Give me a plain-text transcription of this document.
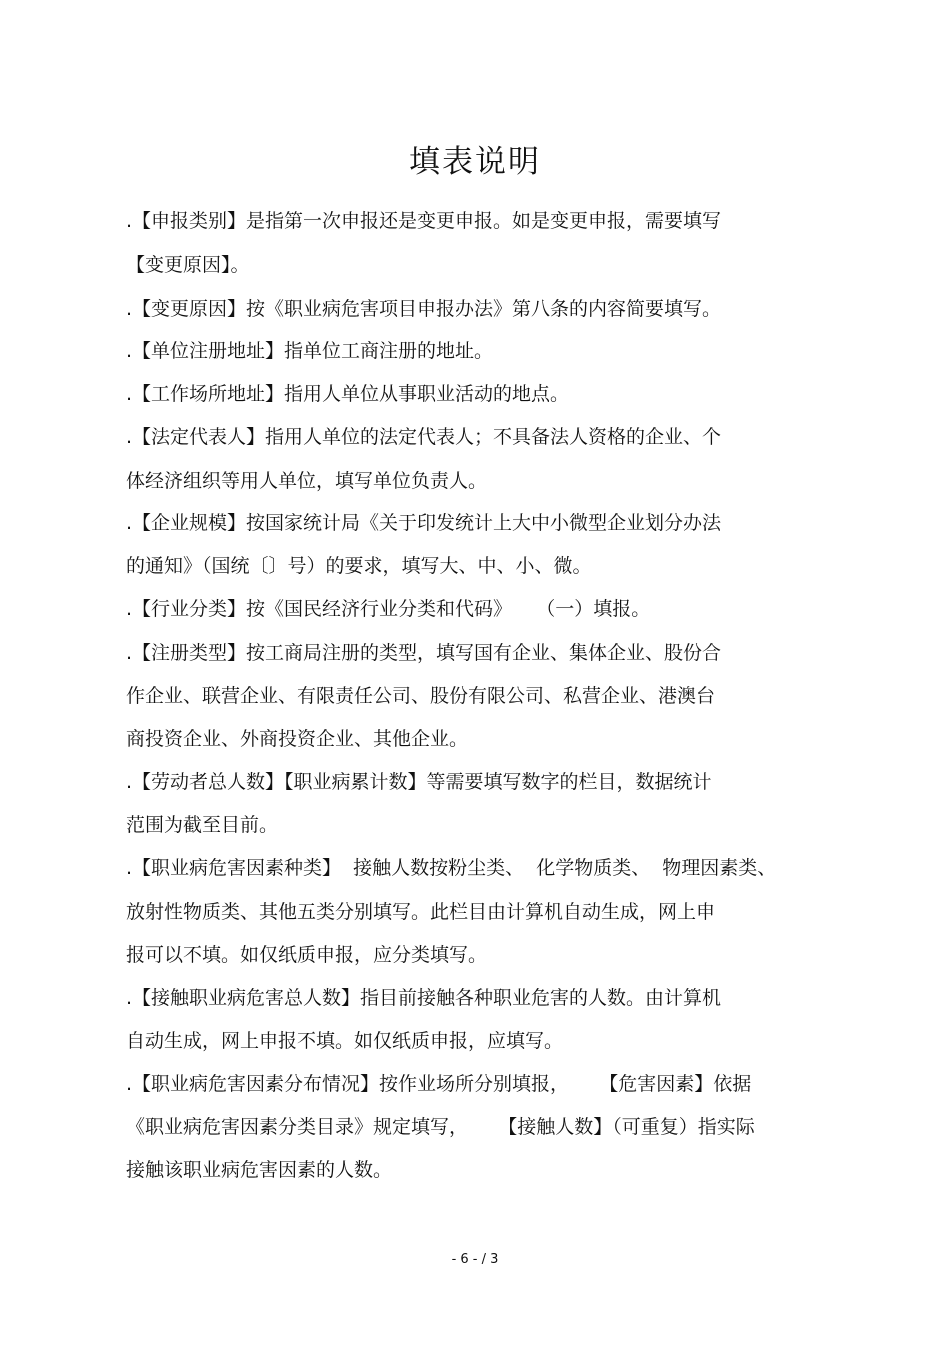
填表说明
.【申报类别】是指第一次申报还是变更申报。如是变更申报，需要填写
【变更原因】。
.【变更原因】按《职业病危害项目申报办法》第八条的内容简要填写。
.【单位注册地址】指单位工商注册的地址。
.【工作场所地址】指用人单位从事职业活动的地点。
.【法定代表人】指用人单位的法定代表人；不具备法人资格的企业、个
体经济组织等用人单位，填写单位负责人。
.【企业规模】按国家统计局《关于印发统计上大中小微型企业划分办法
的通知》（国统〔〕号）的要求，填写大、中、小、微。
.【行业分类】按《国民经济行业分类和代码》    （一）填报。
.【注册类型】按工商局注册的类型，填写国有企业、集体企业、股份合
作企业、联营企业、有限责任公司、股份有限公司、私营企业、港澳台
商投资企业、外商投资企业、其他企业。
.【劳动者总人数】【职业病累计数】等需要填写数字的栏目，数据统计
范围为截至目前。
.【职业病危害因素种类】  接触人数按粉尘类、  化学物质类、  物理因素类、
放射性物质类、其他五类分别填写。此栏目由计算机自动生成，网上申
报可以不填。如仅纸质申报，应分类填写。
.【接触职业病危害总人数】指目前接触各种职业危害的人数。由计算机
自动生成，网上申报不填。如仅纸质申报，应填写。
.【职业病危害因素分布情况】按作业场所分别填报，     【危害因素】依据
《职业病危害因素分类目录》规定填写，     【接触人数】（可重复）指实际
接触该职业病危害因素的人数。
- 6 - / 3
